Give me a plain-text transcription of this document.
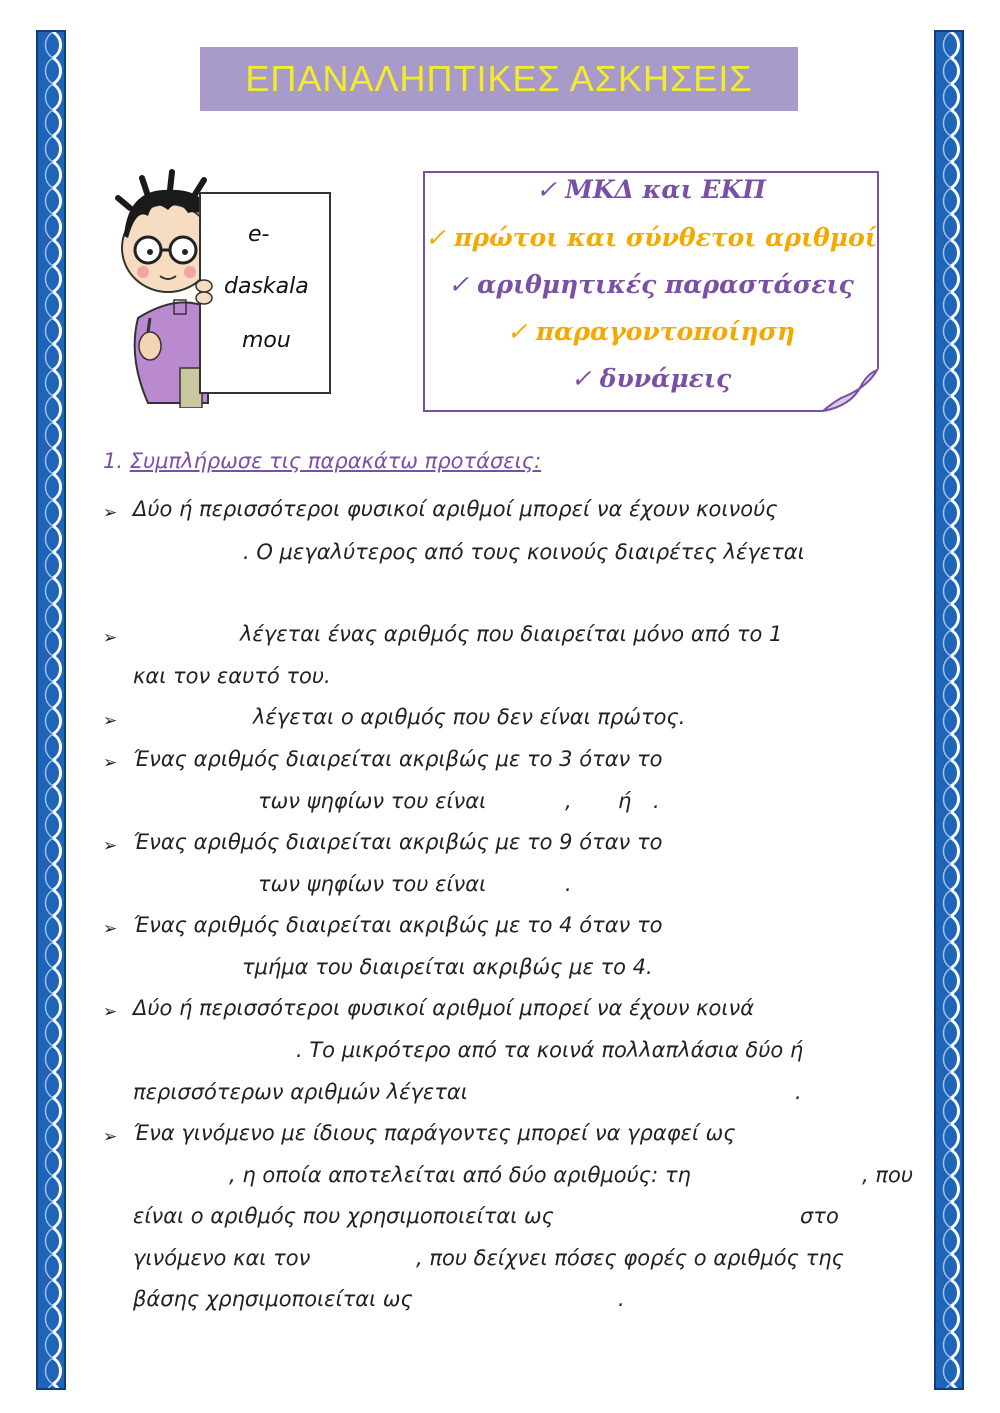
ΕΠΑΝΑΛΗΠΤΙΚΕΣ ΑΣΚΗΣΕΙΣ
e-
daskala
mou
✓ ΜΚΔ και ΕΚΠ
✓ πρώτοι και σύνθετοι αριθμοί
✓ αριθμητικές παραστάσεις
✓ παραγοντοποίηση
✓ δυνάμεις
1. Συμπλήρωσε τις παρακάτω προτάσεις:
➢
➢
➢
➢
➢
➢
➢
➢
Δύο ή περισσότεροι φυσικοί αριθμοί μπορεί να έχουν κοινούς
. Ο μεγαλύτερος από τους κοινούς διαιρέτες λέγεται
λέγεται ένας αριθμός που διαιρείται μόνο από το 1
και τον εαυτό του.
λέγεται ο αριθμός που δεν είναι πρώτος.
Ένας αριθμός διαιρείται ακριβώς με το 3 όταν το
των ψηφίων του είναι	, ή .
Ένας αριθμός διαιρείται ακριβώς με το 9 όταν το
των ψηφίων του είναι	.
Ένας αριθμός διαιρείται ακριβώς με το 4 όταν το
τμήμα του διαιρείται ακριβώς με το 4.
Δύο ή περισσότεροι φυσικοί αριθμοί μπορεί να έχουν κοινά
. Το μικρότερο από τα κοινά πολλαπλάσια δύο ή
περισσότερων αριθμών λέγεται	.
Ένα γινόμενο με ίδιους παράγοντες μπορεί να γραφεί ως
, η οποία αποτελείται από δύο αριθμούς: τη	, που
είναι ο αριθμός που χρησιμοποιείται ως	στο
γινόμενο και τον	, που δείχνει πόσες φορές ο αριθμός της
βάσης χρησιμοποιείται ως	.
